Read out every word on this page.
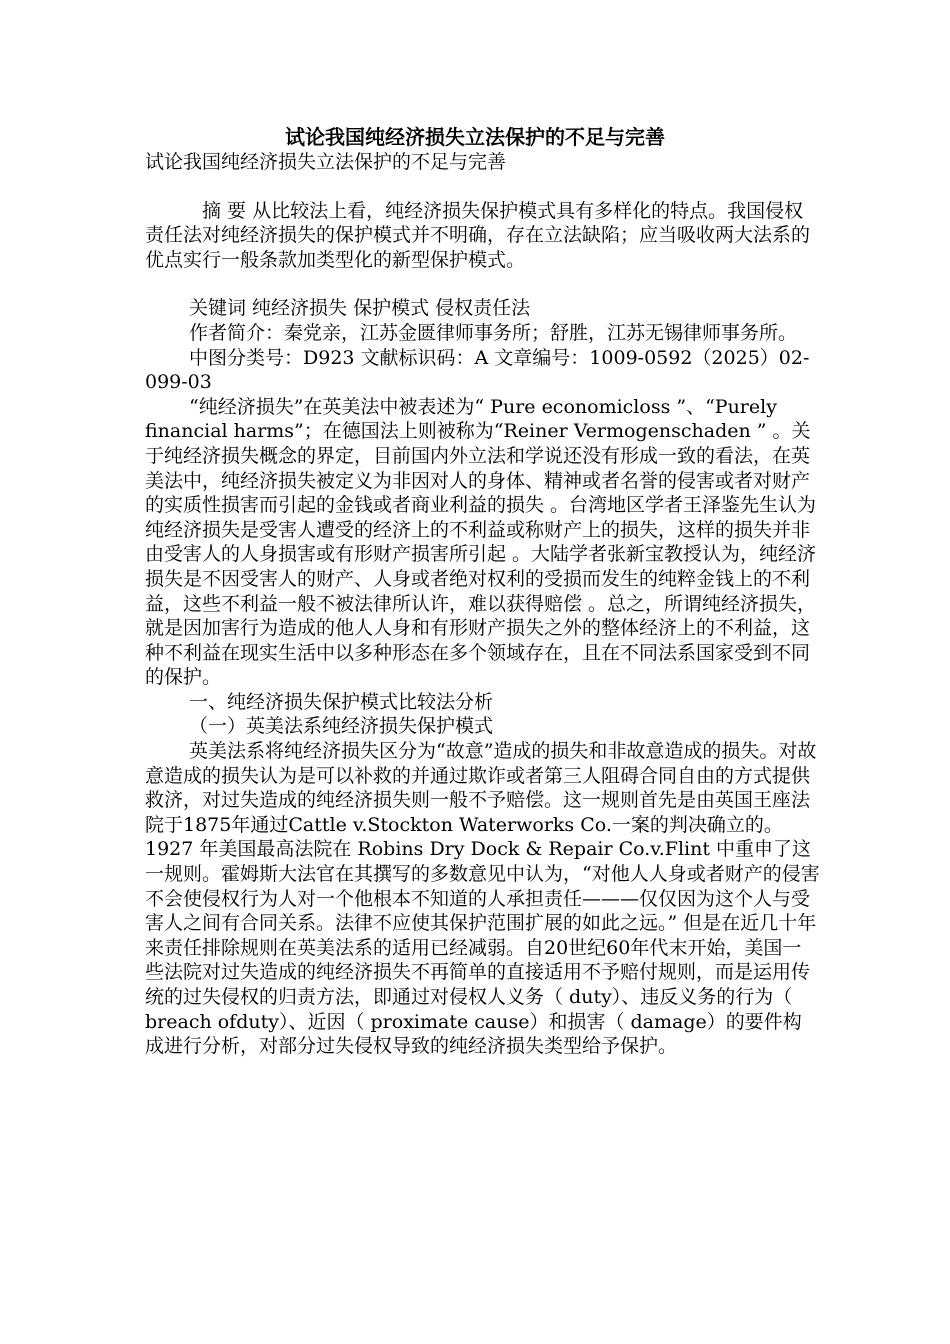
试论我国纯经济损失立法保护的不足与完善

试论我国纯经济损失立法保护的不足与完善

摘 要 从比较法上看，纯经济损失保护模式具有多样化的特点。我国侵权责任法对纯经济损失的保护模式并不明确，存在立法缺陷；应当吸收两大法系的优点实行一般条款加类型化的新型保护模式。

关键词 纯经济损失 保护模式 侵权责任法

作者简介：秦党亲，江苏金匮律师事务所；舒胜，江苏无锡律师事务所。

中图分类号：D923 文献标识码：A 文章编号：1009-0592（2025）02-099-03

“纯经济损失”在英美法中被表述为“ Pure economicloss ”、“Purely financial harms”；在德国法上则被称为“Reiner Vermogenschaden ” 。关于纯经济损失概念的界定，目前国内外立法和学说还没有形成一致的看法，在英美法中，纯经济损失被定义为非因对人的身体、精神或者名誉的侵害或者对财产的实质性损害而引起的金钱或者商业利益的损失 。台湾地区学者王泽鉴先生认为纯经济损失是受害人遭受的经济上的不利益或称财产上的损失，这样的损失并非由受害人的人身损害或有形财产损害所引起 。大陆学者张新宝教授认为，纯经济损失是不因受害人的财产、人身或者绝对权利的受损而发生的纯粹金钱上的不利益，这些不利益一般不被法律所认许，难以获得赔偿 。总之，所谓纯经济损失，就是因加害行为造成的他人人身和有形财产损失之外的整体经济上的不利益，这种不利益在现实生活中以多种形态在多个领域存在，且在不同法系国家受到不同的保护。

一、纯经济损失保护模式比较法分析

（一）英美法系纯经济损失保护模式

英美法系将纯经济损失区分为“故意”造成的损失和非故意造成的损失。对故意造成的损失认为是可以补救的并通过欺诈或者第三人阻碍合同自由的方式提供救济，对过失造成的纯经济损失则一般不予赔偿。这一规则首先是由英国王座法院于1875年通过Cattle v.Stockton Waterworks Co.一案的判决确立的。1927 年美国最高法院在 Robins Dry Dock & Repair Co.v.Flint 中重申了这一规则。霍姆斯大法官在其撰写的多数意见中认为，“对他人人身或者财产的侵害不会使侵权行为人对一个他根本不知道的人承担责任———仅仅因为这个人与受害人之间有合同关系。法律不应使其保护范围扩展的如此之远。” 但是在近几十年来责任排除规则在英美法系的适用已经减弱。自20世纪60年代末开始，美国一些法院对过失造成的纯经济损失不再简单的直接适用不予赔付规则，而是运用传统的过失侵权的归责方法，即通过对侵权人义务（ duty）、违反义务的行为（ breach ofduty）、近因（ proximate cause）和损害（ damage）的要件构成进行分析，对部分过失侵权导致的纯经济损失类型给予保护。
